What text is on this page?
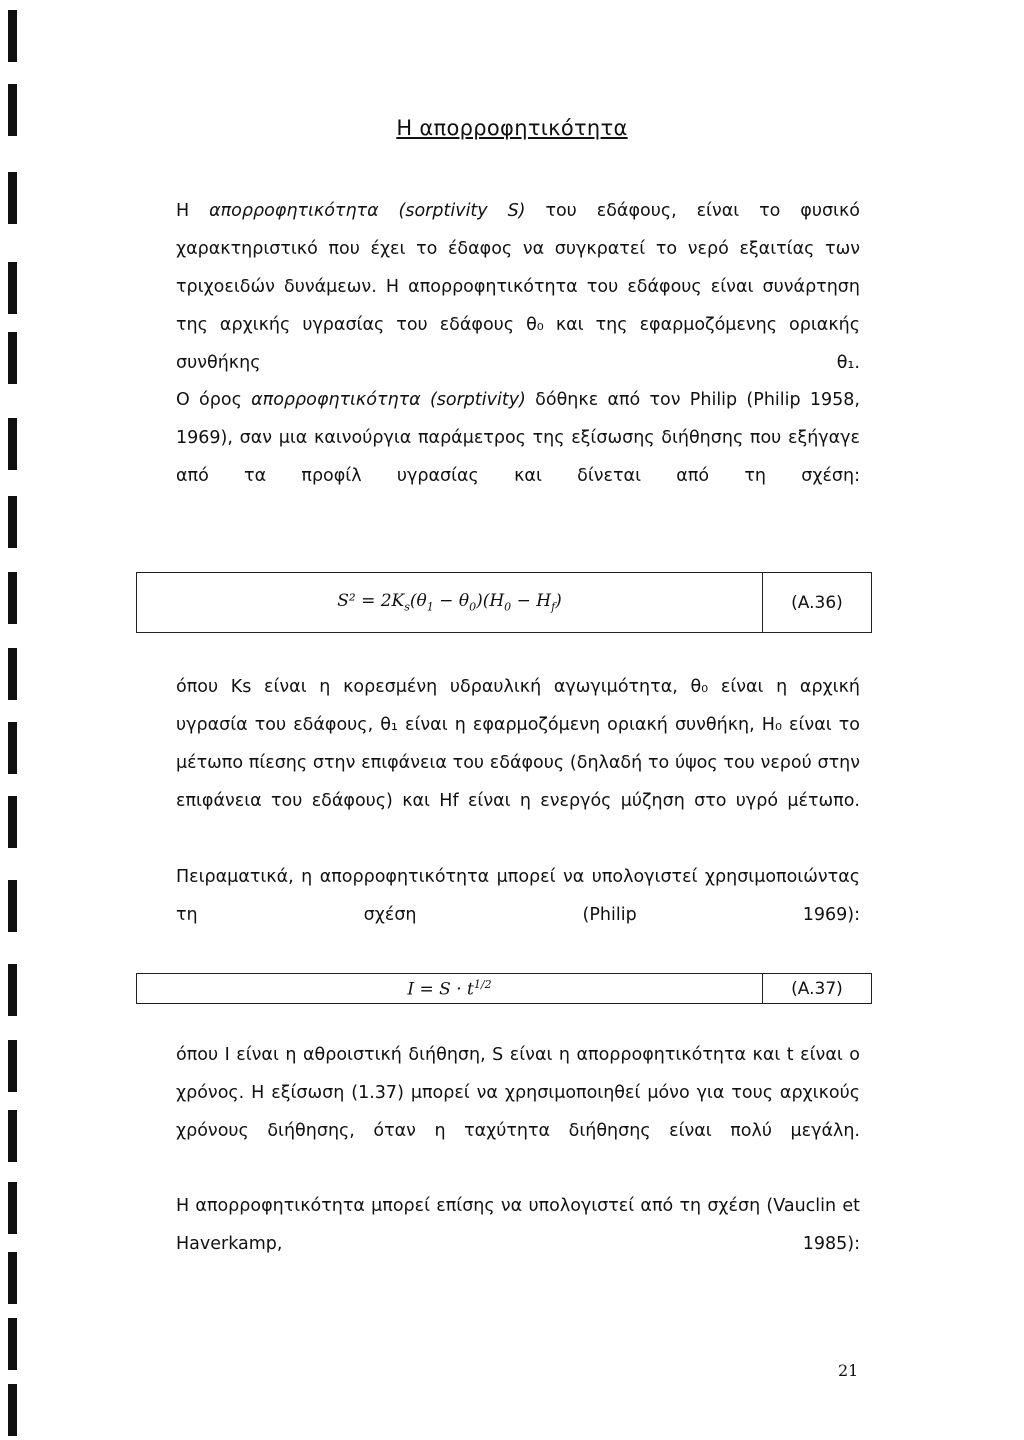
Η απορροφητικότητα

Η απορροφητικότητα (sorptivity S) του εδάφους, είναι το φυσικό χαρακτηριστικό που έχει το έδαφος να συγκρατεί το νερό εξαιτίας των τριχοειδών δυνάμεων. Η απορροφητικότητα του εδάφους είναι συνάρτηση της αρχικής υγρασίας του εδάφους θ₀ και της εφαρμοζόμενης οριακής συνθήκης θ₁.

Ο όρος απορροφητικότητα (sorptivity) δόθηκε από τον Philip (Philip 1958, 1969), σαν μια καινούργια παράμετρος της εξίσωσης διήθησης που εξήγαγε από τα προφίλ υγρασίας και δίνεται από τη σχέση:

$S^2 = 2K_s(\theta_1 - \theta_0)(H_0 - H_f)$	(A.36)

όπου Ks είναι η κορεσμένη υδραυλική αγωγιμότητα, θ₀ είναι η αρχική υγρασία του εδάφους, θ₁ είναι η εφαρμοζόμενη οριακή συνθήκη, H₀ είναι το μέτωπο πίεσης στην επιφάνεια του εδάφους (δηλαδή το ύψος του νερού στην επιφάνεια του εδάφους) και Hf είναι η ενεργός μύζηση στο υγρό μέτωπο.

Πειραματικά, η απορροφητικότητα μπορεί να υπολογιστεί χρησιμοποιώντας τη σχέση (Philip 1969):

$I = S \cdot t^{1/2}$	(A.37)

όπου I είναι η αθροιστική διήθηση, S είναι η απορροφητικότητα και t είναι ο χρόνος. Η εξίσωση (1.37) μπορεί να χρησιμοποιηθεί μόνο για τους αρχικούς χρόνους διήθησης, όταν η ταχύτητα διήθησης είναι πολύ μεγάλη.

Η απορροφητικότητα μπορεί επίσης να υπολογιστεί από τη σχέση (Vauclin et Haverkamp, 1985):

21
